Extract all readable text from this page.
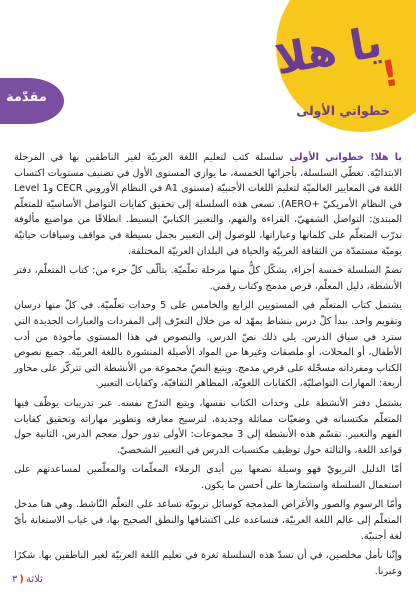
مقدّمة
يا هلا
!
خطواتي الأولى

يا هلا! خطواتي الأولى سلسلة كتب لتعليم اللغة العربيّة لغير الناطقين بها في المرحلة الابتدائيّة. تغطّي السلسلة، بأجزائها الخمسة، ما يوازي المستوى الأول في تصنيف مستويات اكتساب اللغة في المعايير العالميّة لتعليم اللغات الأجنبيّة (مستوى A1 في النظام الأوروبي CECR وLevel 1 في النظام الأمريكيّ +AERO). تسعى هذه السلسلة إلى تحقيق كفايات التواصل الأساسيّة للمتعلّم المبتدئ: التواصل الشفهيّ، القراءة والفهم، والتعبير الكتابيّ البسيط. انطلاقًا من مواضيع مألوفة تدرّب المتعلّم على كلماتها وعباراتها، للوصول إلى التعبير بجمل بسيطة في مواقف وسياقات حياتيّة يوميّة مستمدّة من الثقافة العربيّة والحياة في البلدان العربيّة المختلفة.

تضمّ السلسلة خمسة أجزاء، يشكّل كلٌّ منها مرحلة تعلّميّة. يتألّف كلّ جزء من: كتاب المتعلّم، دفتر الأنشطة، دليل المعلّم، قرص مدمج وكتاب رقمي.

يشتمل كتاب المتعلّم في المستويين الرابع والخامس على 5 وحدات تعلّميّة. في كلّ منها درسان وتقويم واحد. يبدأ كلّ درس بنشاط يمهّد له من خلال التعرّف إلى المفردات والعبارات الجديدة التي سترد في سياق الدرس. يلي ذلك نصّ الدرس. والنصوص في هذا المستوى مأخوذة من أدب الأطفال، أو المجلات، أو ملصقات وغيرها من المواد الأصيلة المنشورة باللغة العربيّة. جميع نصوص الكتاب ومفرداته مسجّلة على قرص مدمج. ويتبع النصّ مجموعة من الأنشطة التي تتركّز على محاور أربعة: المهارات التواصليّة، الكفايات اللغويّة، المظاهر الثقافيّة، وكفايات التعبير.

يشتمل دفتر الأنشطة على وحدات الكتاب نفسها، ويتبع التدرّج نفسه. عبر تدريبات يوظّف فيها المتعلّم مكتسباته في وضعيّات مماثلة وجديدة، لترسيخ معارفه وتطوير مهاراته وتحقيق كفايات الفهم والتعبير. تقسّم هذه الأنشطة إلى 3 مجموعات: الأولى تدور حول معجم الدرس، الثانية حول قواعد اللغة، والثالثة حول توظيف مكتسبات الدرس في التعبير الشخصيّ.

أمّا الدليل التربويّ فهو وسيلة نضعها بين أيدي الزملاء المعلّمات والمعلّمين لمساعدتهم على استعمال السلسلة واستثمارها على أحسن ما يكون.

وأمّا الرسوم والصور والأغراض المدمجة كوسائل تربويّة تساعد على التعلّم النّاشط. وهي هنا مدخل المتعلّم إلى عالم اللغة العربيّة، فتساعده على اكتشافها والنطق الصحيح بها، في غياب الاستعانة بأيّ لغة أجنبيّة.

وإنّنا نأمل مخلصين، في أن تسدّ هذه السلسلة ثغرة في تعليم اللغة العربيّة لغير الناطقين بها. شكرًا وعبرنا.

ثلاثة(٣
